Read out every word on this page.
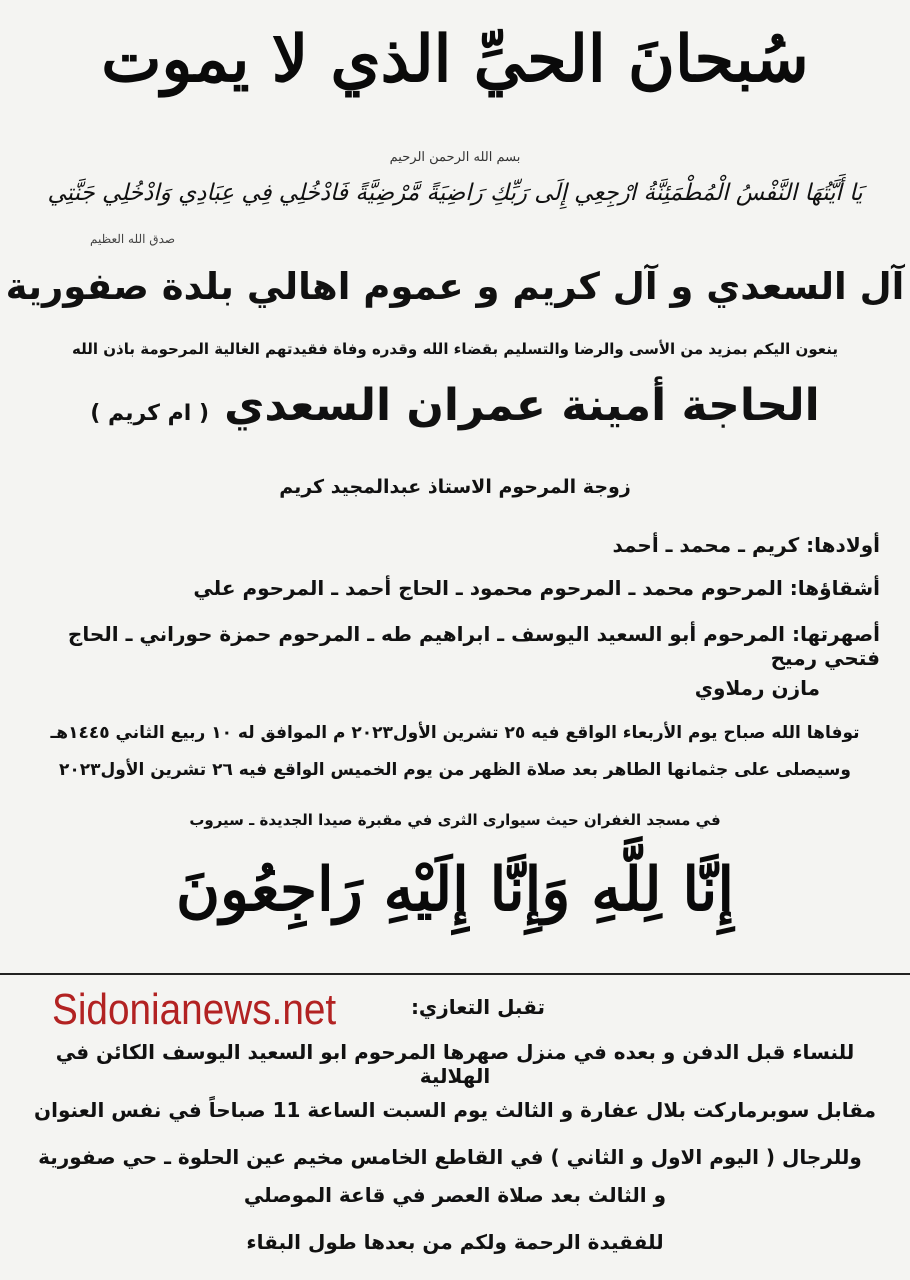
سُبحانَ الحيِّ الذي لا يموت
بسم الله الرحمن الرحيم
يَا أَيَّتُهَا النَّفْسُ الْمُطْمَئِنَّةُ ارْجِعِي إِلَى رَبِّكِ رَاضِيَةً مَّرْضِيَّةً فَادْخُلِي فِي عِبَادِي وَادْخُلِي جَنَّتِي
صدق الله العظيم
آل السعدي و آل كريم و عموم اهالي بلدة صفورية
ينعون اليكم بمزيد من الأسى والرضا والتسليم بقضاء الله وقدره وفاة فقيدتهم الغالية المرحومة باذن الله
الحاجة أمينة عمران السعدي ( ام كريم )
زوجة المرحوم الاستاذ عبدالمجيد كريم
أولادها: كريم ـ محمد ـ أحمد
أشقاؤها: المرحوم محمد ـ المرحوم محمود ـ الحاج أحمد ـ المرحوم علي
أصهرتها: المرحوم أبو السعيد اليوسف ـ ابراهيم طه ـ المرحوم حمزة حوراني ـ الحاج فتحي رميح
مازن رملاوي
توفاها الله صباح يوم الأربعاء الواقع فيه ٢٥ تشرين الأول٢٠٢٣ م الموافق له ١٠ ربيع الثاني ١٤٤٥هـ
وسيصلى على جثمانها الطاهر بعد صلاة الظهر من يوم الخميس الواقع فيه ٢٦ تشرين الأول٢٠٢٣
في مسجد الغفران حيث سيوارى الثرى في مقبرة صيدا الجديدة ـ سيروب
إِنَّا لِلَّهِ وَإِنَّا إِلَيْهِ رَاجِعُونَ
Sidonianews.net	تقبل التعازي:
للنساء قبل الدفن و بعده في منزل صهرها المرحوم ابو السعيد اليوسف الكائن في الهلالية
مقابل سوبرماركت بلال عفارة و الثالث يوم السبت الساعة 11 صباحاً في نفس العنوان
وللرجال ( اليوم الاول و الثاني ) في القاطع الخامس مخيم عين الحلوة ـ حي صفورية
و الثالث بعد صلاة العصر في قاعة الموصلي
للفقيدة الرحمة ولكم من بعدها طول البقاء
